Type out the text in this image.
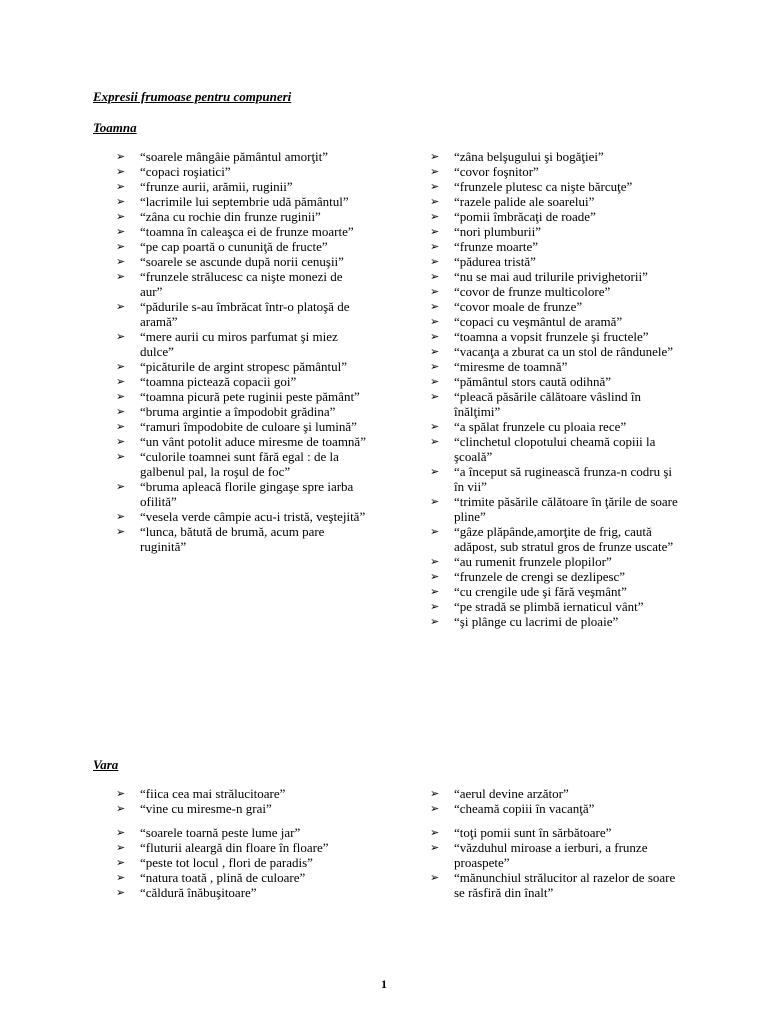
Expresii frumoase pentru compuneri
Toamna
➢	“soarele mângâie pământul amorţit”
➢	“copaci roşiatici”
➢	“frunze aurii, arămii, ruginii”
➢	“lacrimile lui septembrie udă pământul”
➢	“zâna cu rochie din frunze ruginii”
➢	“toamna în caleaşca ei de frunze moarte”
➢	“pe cap poartă o cununiţă de fructe”
➢	“soarele se ascunde după norii cenuşii”
➢	“frunzele strălucesc ca nişte monezi de aur”
➢	“pădurile s-au îmbrăcat într-o platoşă de aramă”
➢	“mere aurii cu miros parfumat şi miez dulce”
➢	“picăturile de argint stropesc pământul”
➢	“toamna pictează copacii goi”
➢	“toamna picură pete ruginii peste pământ”
➢	“bruma argintie a împodobit grădina”
➢	“ramuri împodobite de culoare şi lumină”
➢	“un vânt potolit aduce miresme de toamnă”
➢	“culorile toamnei sunt fără egal : de la galbenul pal, la roşul de foc”
➢	“bruma apleacă florile gingaşe spre iarba ofilită”
➢	“vesela verde câmpie acu-i tristă, veştejită”
➢	“lunca, bătută de brumă, acum pare ruginită”
➢	“zâna belşugului şi bogăţiei”
➢	“covor foşnitor”
➢	“frunzele plutesc ca nişte bărcuţe”
➢	“razele palide ale soarelui”
➢	“pomii îmbrăcaţi de roade”
➢	“nori plumburii”
➢	“frunze moarte”
➢	“pădurea tristă”
➢	“nu se mai aud trilurile privighetorii”
➢	“covor de frunze multicolore”
➢	“covor moale de frunze”
➢	“copaci cu veşmântul de aramă”
➢	“toamna a vopsit frunzele şi fructele”
➢	“vacanţa a zburat ca un stol de rândunele”
➢	“miresme de toamnă”
➢	“pământul stors caută odihnă”
➢	“pleacă păsările călătoare vâslind în înălţimi”
➢	“a spălat frunzele cu ploaia rece”
➢	“clinchetul clopotului cheamă copiii la şcoală”
➢	“a început să ruginească frunza-n codru şi în vii”
➢	“trimite păsările călătoare în ţările de soare pline”
➢	“gâze plăpânde,amorţite de frig, caută adăpost, sub stratul gros de frunze uscate”
➢	“au rumenit frunzele plopilor”
➢	“frunzele de crengi se dezlipesc”
➢	“cu crengile ude şi fără veşmânt”
➢	“pe stradă se plimbă iernaticul vânt”
➢	“şi plânge cu lacrimi de ploaie”
Vara
➢	“fiica cea mai strălucitoare”
➢	“vine cu miresme-n grai”
➢	“soarele toarnă peste lume jar”
➢	“fluturii aleargă din floare în floare”
➢	“peste tot locul , flori de paradis”
➢	“natura toată , plină de culoare”
➢	“căldură înăbuşitoare”
➢	“aerul devine arzător”
➢	“cheamă copiii în vacanţă”
➢	“toţi pomii sunt în sărbătoare”
➢	“văzduhul miroase a ierburi, a frunze proaspete”
➢	“mănunchiul strălucitor al razelor de soare se răsfiră din înalt”
1
